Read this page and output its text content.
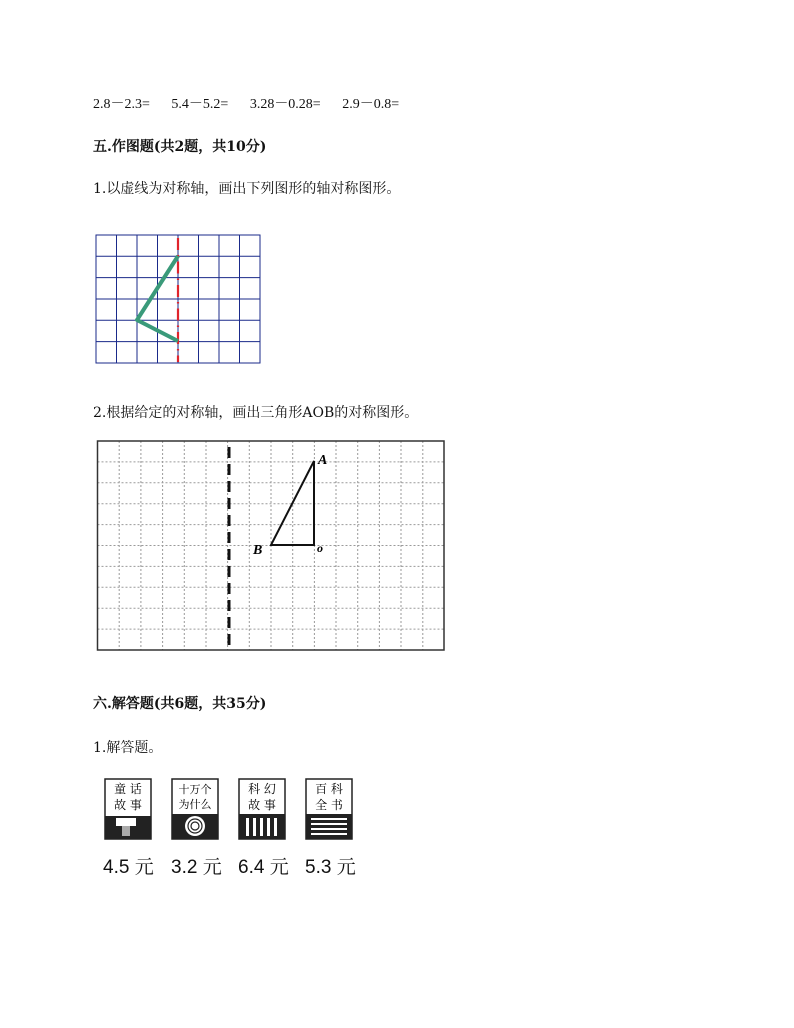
2.8－2.3= 5.4－5.2= 3.28－0.28= 2.9－0.8=
五.作图题(共2题，共10分)
1.以虚线为对称轴，画出下列图形的轴对称图形。
2.根据给定的对称轴，画出三角形AOB的对称图形。
A
B	o
六.解答题(共6题，共35分)
1.解答题。
童 话
故 事
十万个
为什么
科 幻
故 事
百 科
全 书
4.5 元 3.2 元 6.4 元 5.3 元
